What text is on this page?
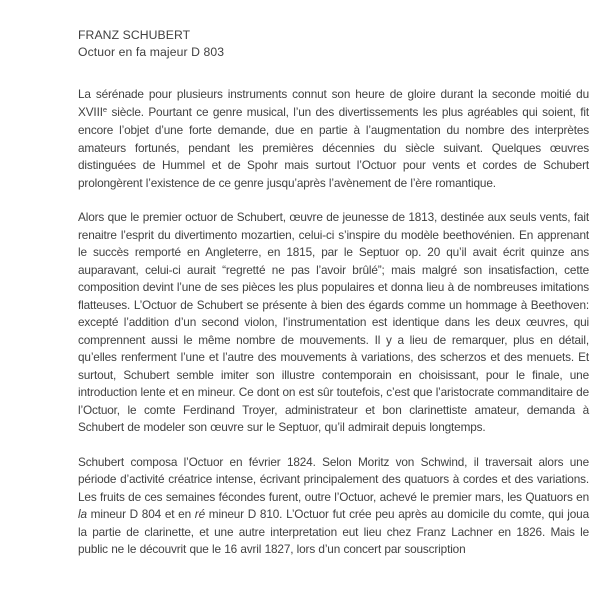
FRANZ SCHUBERT
Octuor en fa majeur D 803

La sérénade pour plusieurs instruments connut son heure de gloire durant la seconde moitié du XVIIIe siècle. Pourtant ce genre musical, l’un des divertissements les plus agréables qui soient, fit encore l’objet d’une forte demande, due en partie à l’augmentation du nombre des interprètes amateurs fortunés, pendant les premières décennies du siècle suivant. Quelques œuvres distinguées de Hummel et de Spohr mais surtout l’Octuor pour vents et cordes de Schubert prolongèrent l’existence de ce genre jusqu’après l’avènement de l’ère romantique.

Alors que le premier octuor de Schubert, œuvre de jeunesse de 1813, destinée aux seuls vents, fait renaitre l’esprit du divertimento mozartien, celui-ci s’inspire du modèle beethovénien. En apprenant le succès remporté en Angleterre, en 1815, par le Septuor op. 20 qu’il avait écrit quinze ans auparavant, celui-ci aurait “regretté ne pas l’avoir brûlé”; mais malgré son insatisfaction, cette composition devint l’une de ses pièces les plus populaires et donna lieu à de nombreuses imitations flatteuses. L’Octuor de Schubert se présente à bien des égards comme un hommage à Beethoven: excepté l’addition d’un second violon, l’instrumentation est identique dans les deux œuvres, qui comprennent aussi le même nombre de mouvements. Il y a lieu de remarquer, plus en détail, qu’elles renferment l’une et l’autre des mouvements à variations, des scherzos et des menuets. Et surtout, Schubert semble imiter son illustre contemporain en choisissant, pour le finale, une introduction lente et en mineur. Ce dont on est sûr toutefois, c’est que l’aristocrate commanditaire de l’Octuor, le comte Ferdinand Troyer, administrateur et bon clarinettiste amateur, demanda à Schubert de modeler son œuvre sur le Septuor, qu’il admirait depuis longtemps.

Schubert composa l’Octuor en février 1824. Selon Moritz von Schwind, il traversait alors une période d’activité créatrice intense, écrivant principalement des quatuors à cordes et des variations. Les fruits de ces semaines fécondes furent, outre l’Octuor, achevé le premier mars, les Quatuors en la mineur D 804 et en ré mineur D 810. L’Octuor fut crée peu après au domicile du comte, qui joua la partie de clarinette, et une autre interpretation eut lieu chez Franz Lachner en 1826. Mais le public ne le découvrit que le 16 avril 1827, lors d’un concert par souscription
